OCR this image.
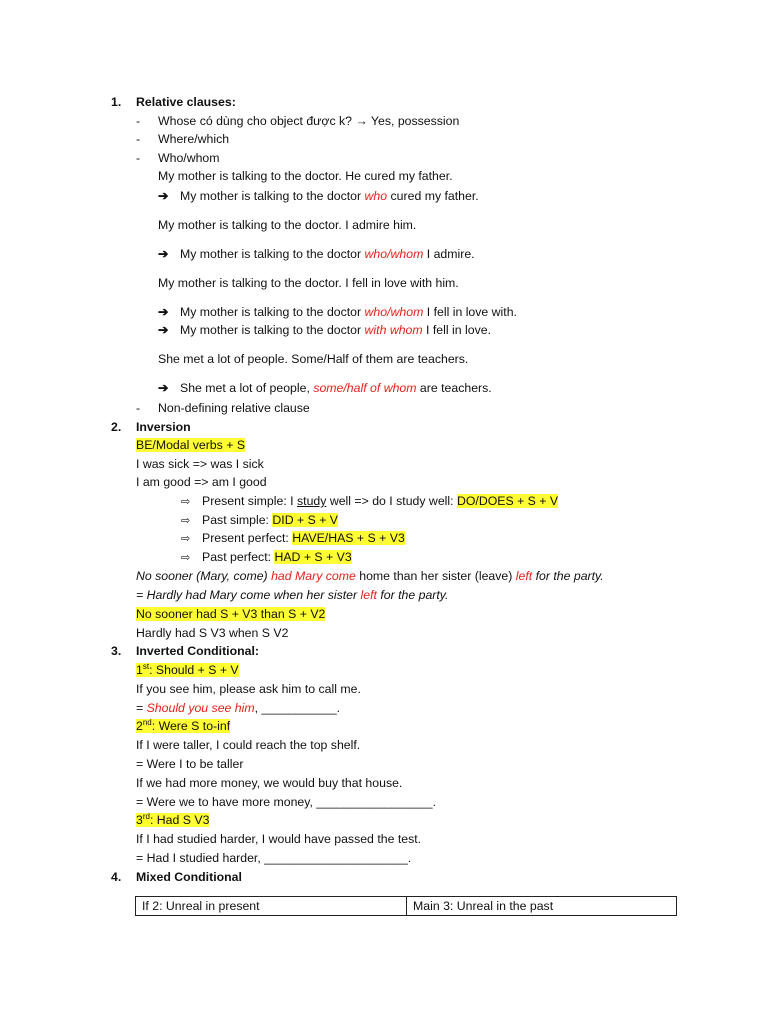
1. Relative clauses:
- Whose có dùng cho object được k? → Yes, possession
- Where/which
- Who/whom
My mother is talking to the doctor. He cured my father.
➔ My mother is talking to the doctor who cured my father.
My mother is talking to the doctor. I admire him.
➔ My mother is talking to the doctor who/whom I admire.
My mother is talking to the doctor. I fell in love with him.
➔ My mother is talking to the doctor who/whom I fell in love with.
➔ My mother is talking to the doctor with whom I fell in love.
She met a lot of people. Some/Half of them are teachers.
➔ She met a lot of people, some/half of whom are teachers.
- Non-defining relative clause
2. Inversion
BE/Modal verbs + S
I was sick => was I sick
I am good => am I good
⇨ Present simple: I study well => do I study well: DO/DOES + S + V
⇨ Past simple: DID + S + V
⇨ Present perfect: HAVE/HAS + S + V3
⇨ Past perfect: HAD + S + V3
No sooner (Mary, come) had Mary come home than her sister (leave) left for the party.
= Hardly had Mary come when her sister left for the party.
No sooner had S + V3 than S + V2
Hardly had S V3 when S V2
3. Inverted Conditional:
1st: Should + S + V
If you see him, please ask him to call me.
= Should you see him, ___________.
2nd: Were S to-inf
If I were taller, I could reach the top shelf.
= Were I to be taller
If we had more money, we would buy that house.
= Were we to have more money, _________________.
3rd: Had S V3
If I had studied harder, I would have passed the test.
= Had I studied harder, _____________________.
4. Mixed Conditional
If 2: Unreal in present	Main 3: Unreal in the past
